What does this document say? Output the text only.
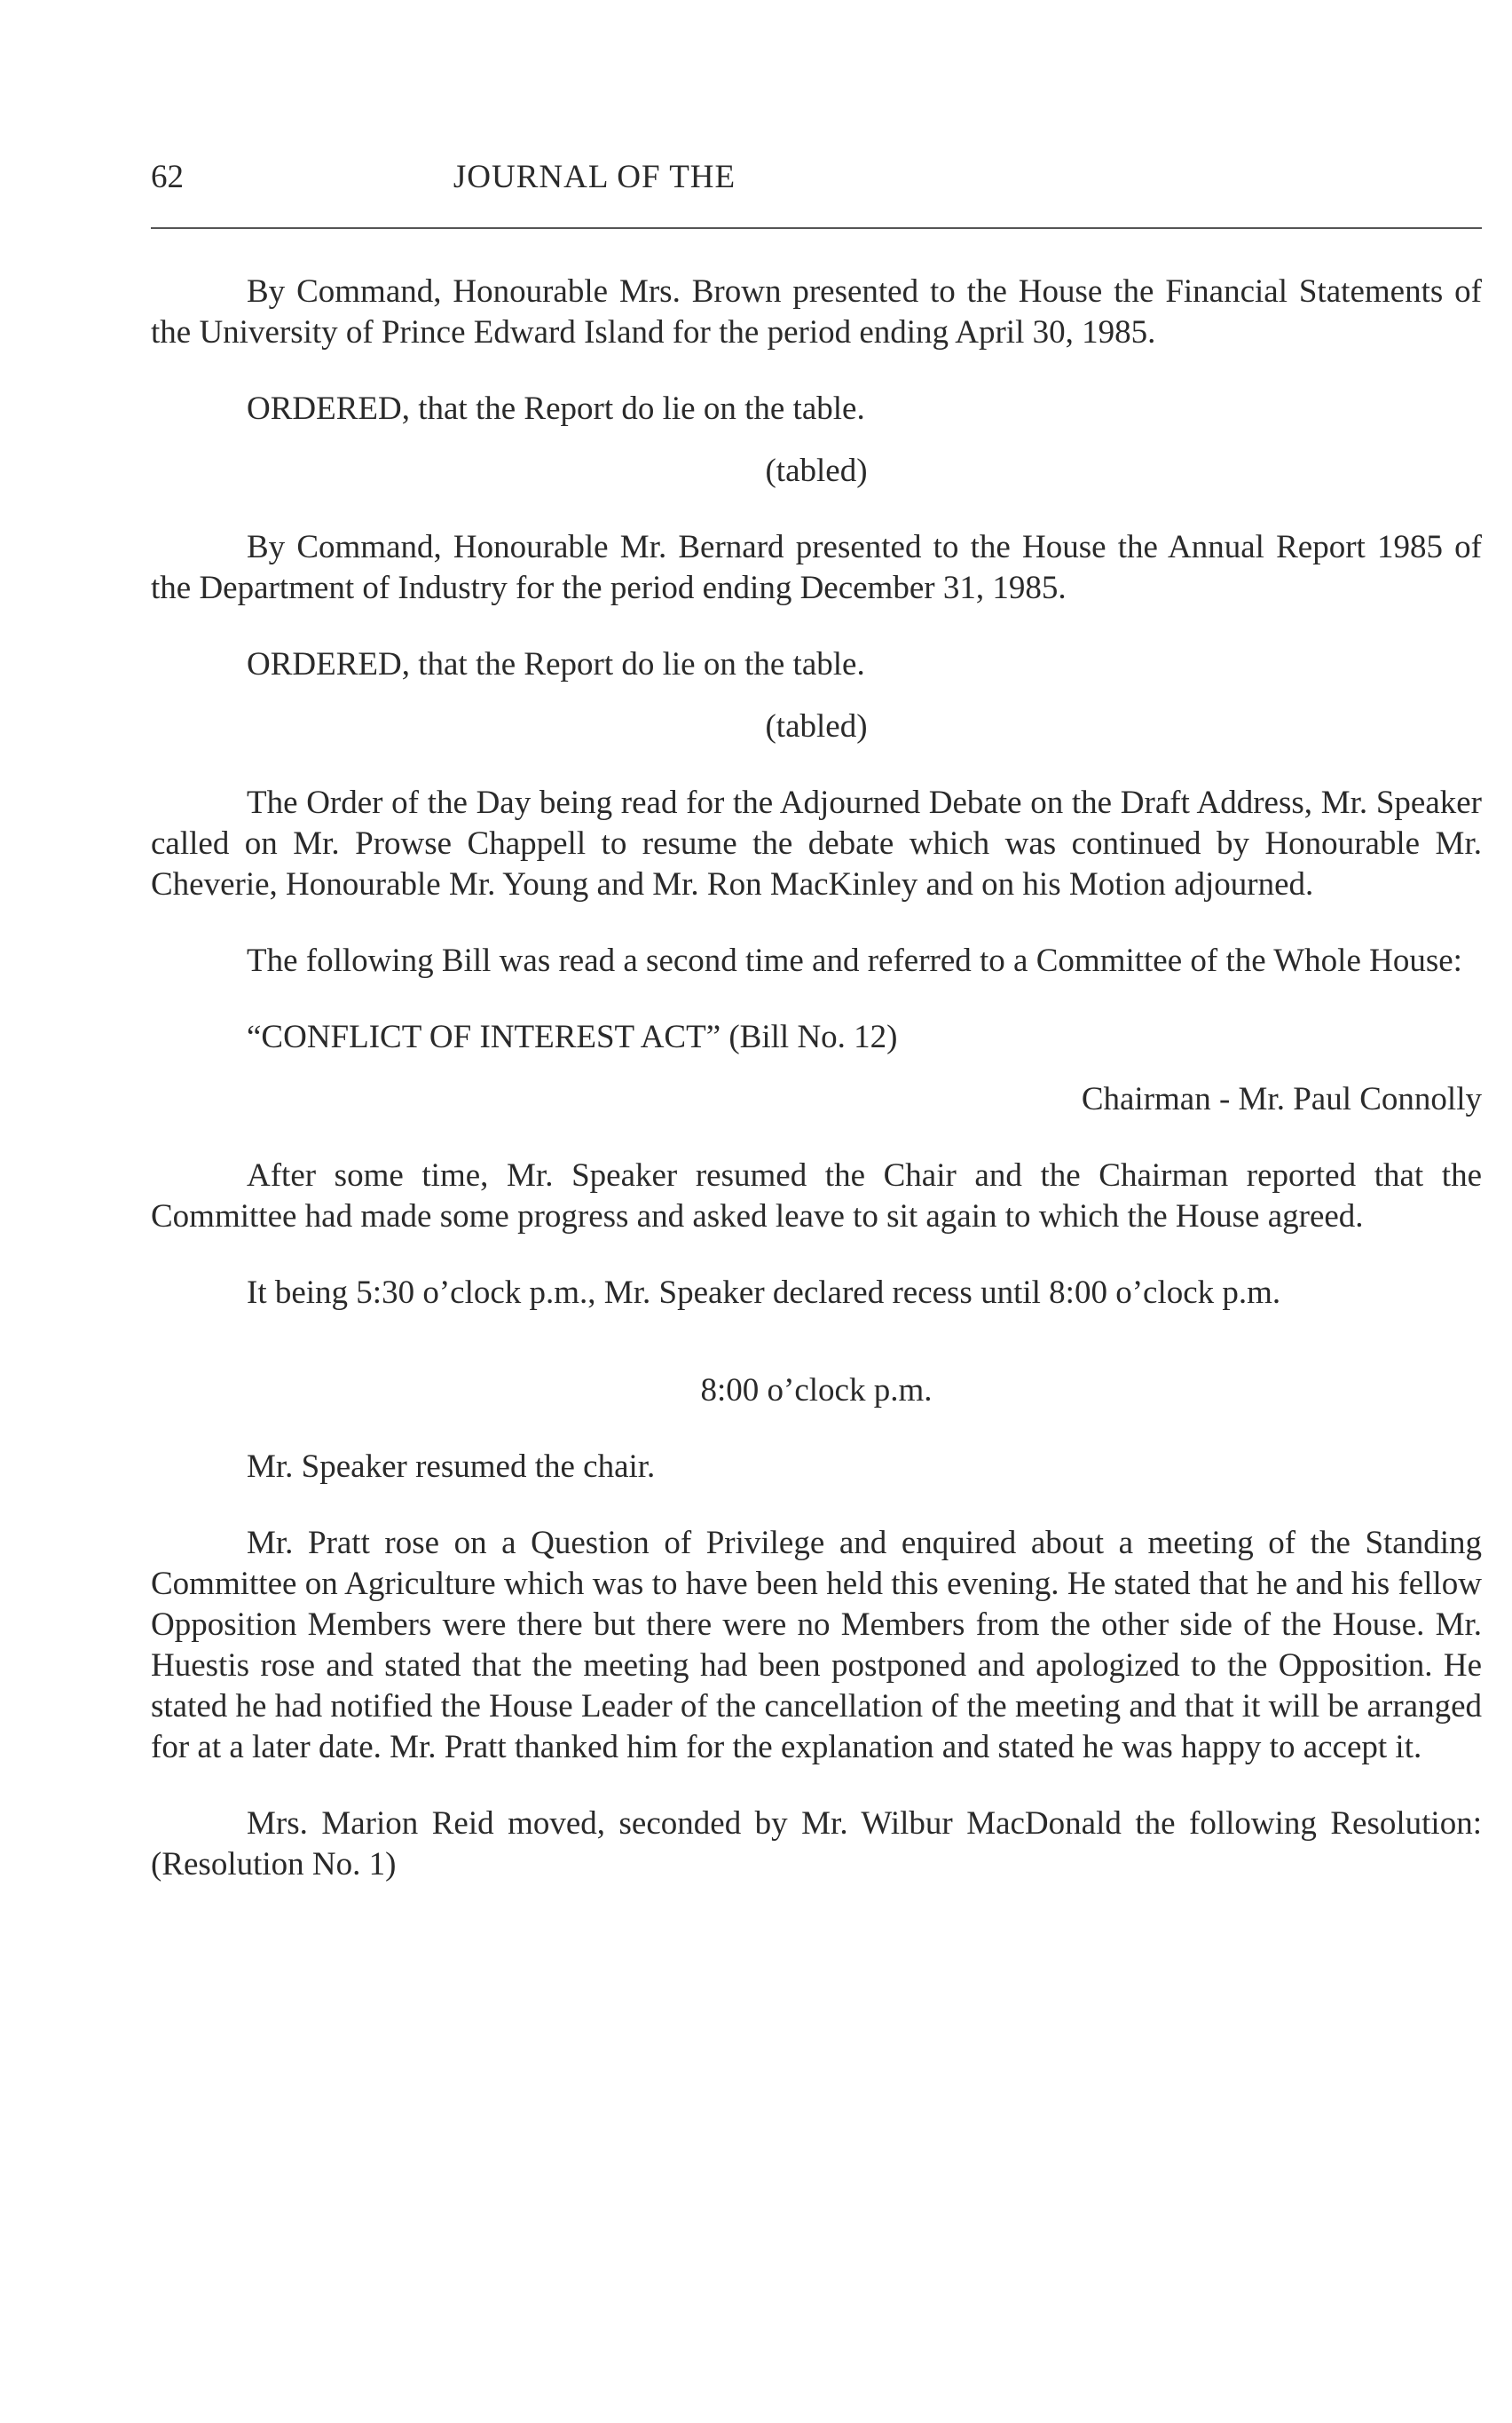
62	JOURNAL OF THE

By Command, Honourable Mrs. Brown presented to the House the Financial Statements of the University of Prince Edward Island for the period ending April 30, 1985.

ORDERED, that the Report do lie on the table.

(tabled)

By Command, Honourable Mr. Bernard presented to the House the Annual Report 1985 of the Department of Industry for the period ending December 31, 1985.

ORDERED, that the Report do lie on the table.

(tabled)

The Order of the Day being read for the Adjourned Debate on the Draft Address, Mr. Speaker called on Mr. Prowse Chappell to resume the debate which was continued by Honourable Mr. Cheverie, Honourable Mr. Young and Mr. Ron MacKinley and on his Motion adjourned.

The following Bill was read a second time and referred to a Committee of the Whole House:

“CONFLICT OF INTEREST ACT” (Bill No. 12)

Chairman - Mr. Paul Connolly

After some time, Mr. Speaker resumed the Chair and the Chairman reported that the Committee had made some progress and asked leave to sit again to which the House agreed.

It being 5:30 o’clock p.m., Mr. Speaker declared recess until 8:00 o’clock p.m.

8:00 o’clock p.m.

Mr. Speaker resumed the chair.

Mr. Pratt rose on a Question of Privilege and enquired about a meeting of the Standing Committee on Agriculture which was to have been held this evening. He stated that he and his fellow Opposition Members were there but there were no Members from the other side of the House. Mr. Huestis rose and stated that the meeting had been postponed and apologized to the Opposition. He stated he had notified the House Leader of the cancellation of the meeting and that it will be arranged for at a later date. Mr. Pratt thanked him for the explanation and stated he was happy to accept it.

Mrs. Marion Reid moved, seconded by Mr. Wilbur MacDonald the following Resolution: (Resolution No. 1)
